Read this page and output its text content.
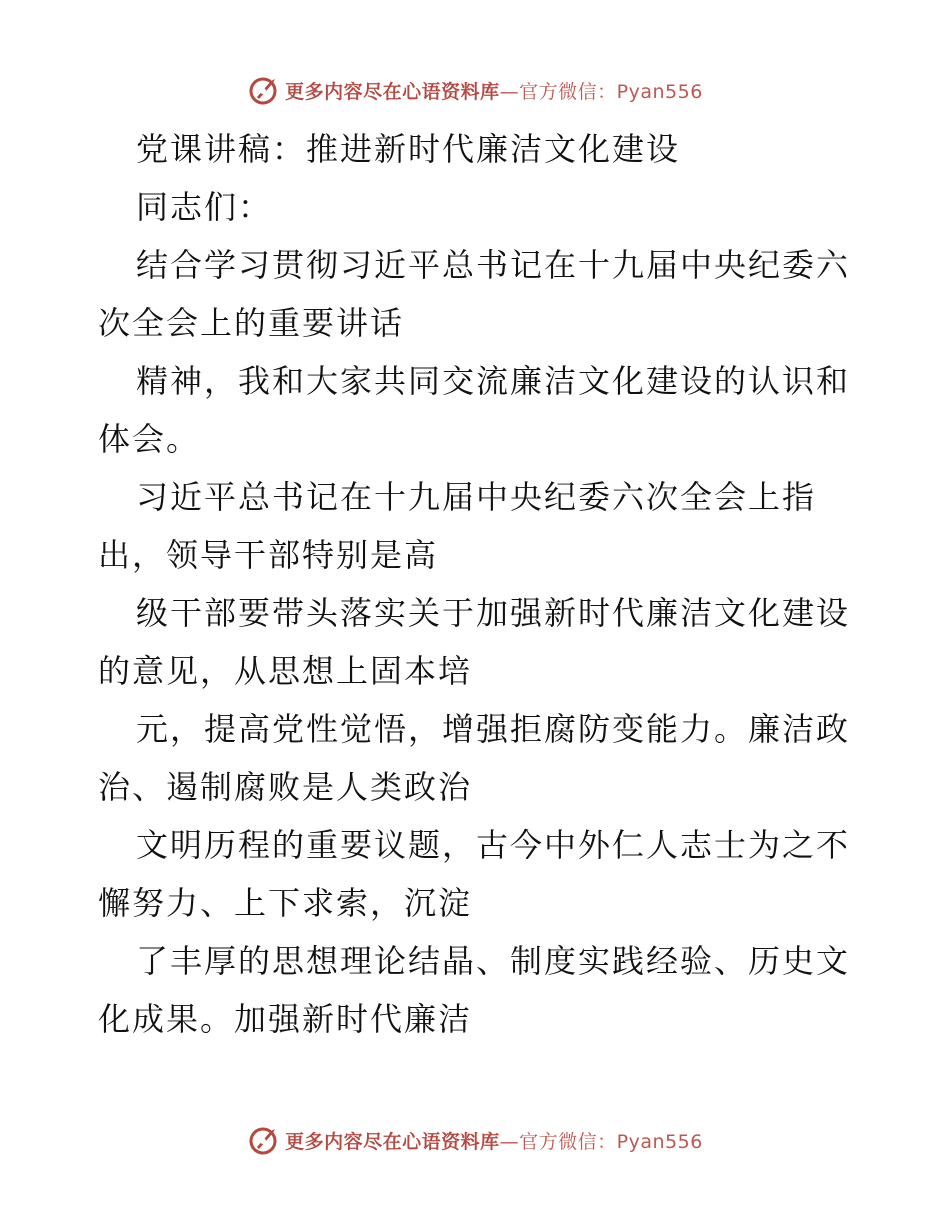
更多内容尽在心语资料库—官方微信：Pyan556
党课讲稿：推进新时代廉洁文化建设
同志们：
结合学习贯彻习近平总书记在十九届中央纪委六
次全会上的重要讲话
精神，我和大家共同交流廉洁文化建设的认识和
体会。
习近平总书记在十九届中央纪委六次全会上指
出，领导干部特别是高
级干部要带头落实关于加强新时代廉洁文化建设
的意见，从思想上固本培
元，提高党性觉悟，增强拒腐防变能力。廉洁政
治、遏制腐败是人类政治
文明历程的重要议题，古今中外仁人志士为之不
懈努力、上下求索，沉淀
了丰厚的思想理论结晶、制度实践经验、历史文
化成果。加强新时代廉洁
更多内容尽在心语资料库—官方微信：Pyan556
